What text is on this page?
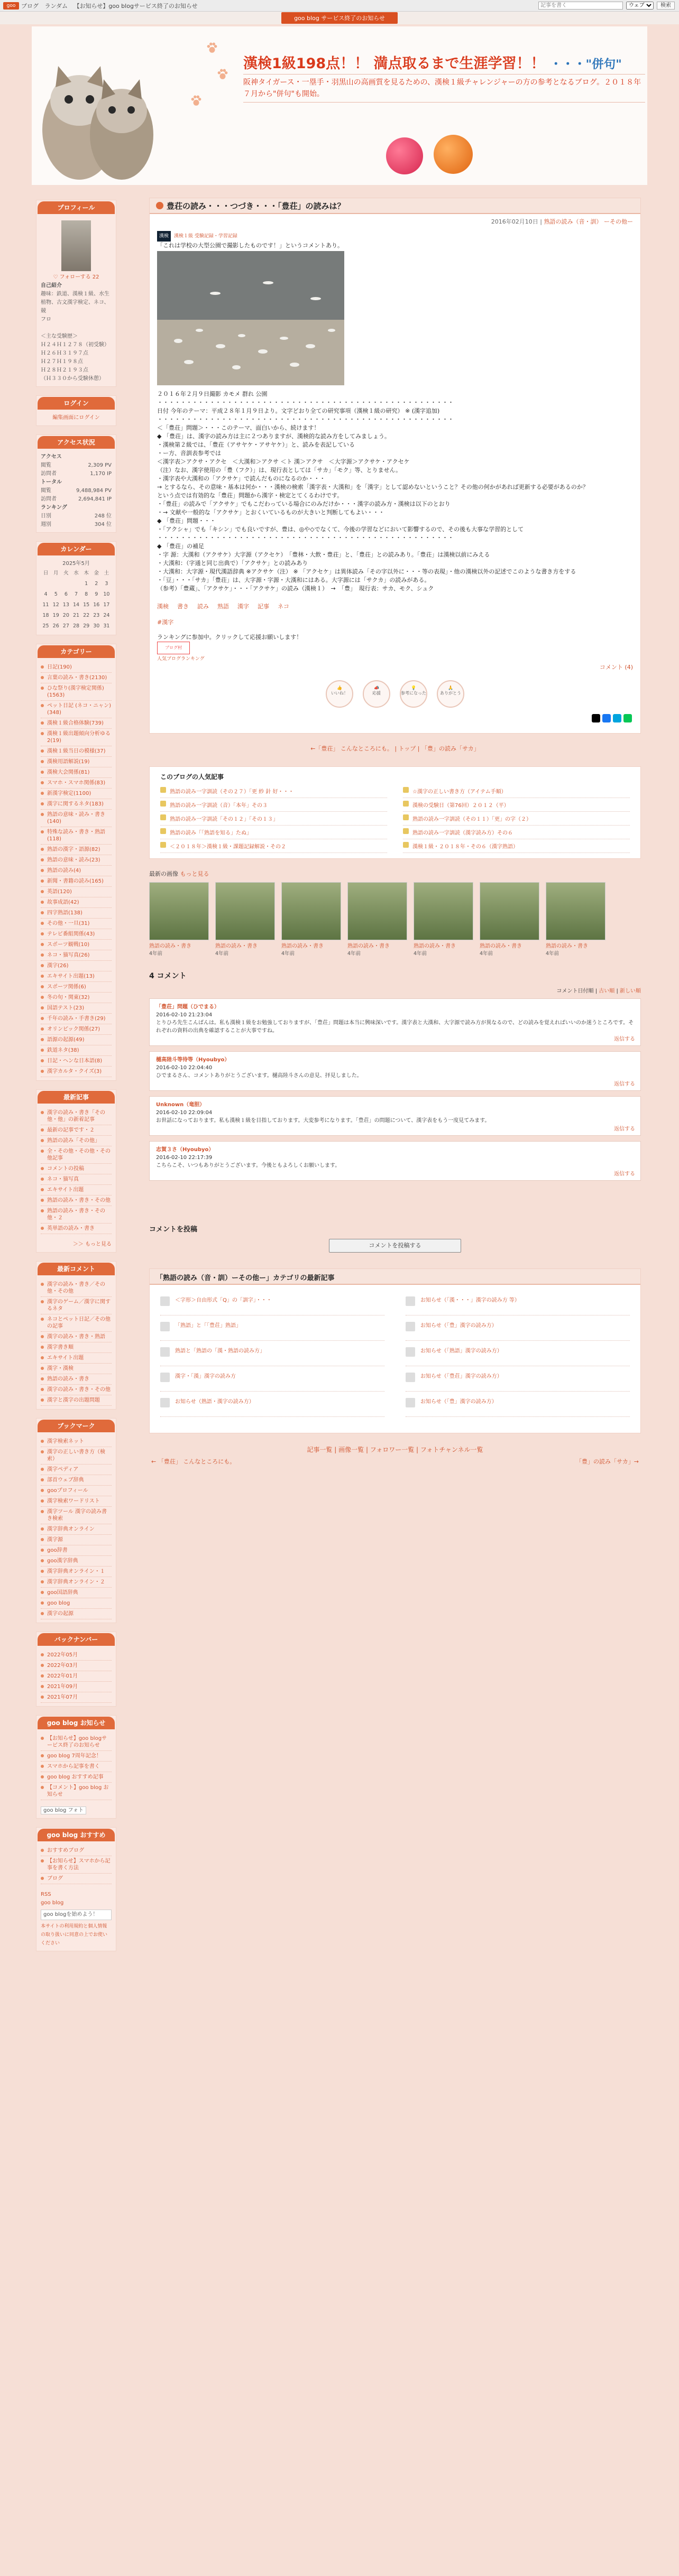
goo ブログ ランダム 【お知らせ】goo blogサービス終了のお知らせ
記事を書く
ウェブ	検索
goo blog サービス終了のお知らせ
漢検1級198点！！ 満点取るまで生涯学習！！ ・・・"併句"
阪神タイガース・一塁手・羽黒山の高画質を見るための、漢検１級チャレンジャーの方の参考となるブログ。２０１８年７月から"併句"も開始。
プロフィール
♡ フォローする 22
自己紹介
趣味：鉄道、漢検１級、水生
植物、古文漢字検定、ネコ、競
フロ

＜主な受験歴＞
Ｈ２４Ｈ１２７８（初受験）
Ｈ２６Ｈ３１９７点
Ｈ２７Ｈ１９８点
Ｈ２８Ｈ２１９３点
（Ｈ３３０から受験休憩）
ログイン
編集画面にログイン
アクセス状況
アクセス
閲覧	2,309 PV
訪問者	1,170 IP
トータル
閲覧	9,488,984 PV
訪問者	2,694,841 IP
ランキング
日別	248 位
週別	304 位
カレンダー
2025年5月
日	月	火	水	木	金	土
				1	2	3
4	5	6	7	8	9	10
11	12	13	14	15	16	17
18	19	20	21	22	23	24
25	26	27	28	29	30	31
カテゴリー
日記(190)
言葉の読み・書き(2130)
ひな祭り(漢字検定関係)(1563)
ペット日記 (ネコ・ニャン)(348)
漢検１級合格体験(739)
漢検１級出題傾向分析ゆる2(19)
漢検１級当日の模様(37)
漢検用語解説(19)
漢検大会関係(81)
スマホ・スマホ関係(83)
新漢字検定(1100)
漢字に関するネタ(183)
熟語の意味・読み・書き(140)
特殊な読み・書き・熟語(118)
熟語の漢字・語源(82)
熟語の意味・読み(23)
熟語の読み(4)
新聞・書籍の読み(165)
英語(120)
故事成語(42)
四字熟語(138)
その他・一旦(31)
テレビ番組関係(43)
スポーツ観戦(10)
ネコ・猫写真(26)
漢字(26)
エキサイト出題(13)
スポーツ関係(6)
冬の旬・関東(32)
国語テスト(23)
千年の読み・手書き(29)
オリンピック関係(27)
語源の起源(49)
鉄道ネタ(38)
日記・ヘンな日本語(8)
漢字カルタ・クイズ(3)
最新記事
漢字の読み・書き「その他・他」の新着記事
最新の記事です・２
熟語の読み「その他」
全・その他・その他・その他記事
コメントの投稿
ネコ・猫写真
エキサイト出題
熟語の読み・書き・その他
熟語の読み・書き・その他・２
英単語の読み・書き
＞＞ もっと見る
最新コメント
漢字の読み・書き／その他・その他
漢字のゲーム／漢字に関するネタ
ネコとペット日記／その他の記事
漢字の読み・書き・熟語
漢字書き順
エキサイト出題
漢字・漢検
熟語の読み・書き
漢字の読み・書き・その他
漢字と漢字の出題問題
ブックマーク
漢字検索ネット
漢字の正しい書き方（検索）
漢字ペディア
部首ウェブ辞典
gooプロフィール
漢字検索ワードリスト
漢字ツール 漢字の読み書き検索
漢字辞典オンライン
漢字源
goo辞書
goo漢字辞典
漢字辞典オンライン・１
漢字辞典オンライン・２
goo国語辞典
goo blog
漢字の起源
バックナンバー
2022年05月
2022年03月
2022年01月
2021年09月
2021年07月
goo blog お知らせ
【お知らせ】goo blogサービス終了のお知らせ
goo blog 7周年記念！
スマホから記事を書く
goo blog おすすめ記事
【コメント】goo blog お知らせ
goo blog フォト
goo blog おすすめ
おすすめブログ
【お知らせ】スマホから記事を書く方法
ブログ
RSS
goo blog
goo blogを始めよう！
本サイトの利用規約と個人情報の取り扱いに同意の上でお使いください
豊荘の読み・・・つづき・・・「豊荘」の読みは？
2016年02月10日 | 熟語の読み（音・訓） ーその他ー
漢検	漢検１級 受験記録・学習記録

「これは学校の大型公園で撮影したものです！」というコメントあり。

２０１６年２月９日撮影 カモメ 群れ 公園

・・・・・・・・・・・・・・・・・・・・・・・・・・・・・・・・・・・・・・・・・・・・・・・・・・・

日付 今年のテーマ：平成２８年１月９日より。文字どおり全ての研究事項（漢検１級の研究） ※ (漢字追加)

・・・・・・・・・・・・・・・・・・・・・・・・・・・・・・・・・・・・・・・・・・・・・・・・・・・

＜「豊荘」問題＞・・・このテーマ、面白いから、続けます！

◆ 「豊荘」は、漢字の読み方は主に２つありますが、漢検的な読み方をしてみましょう。

・漢検第２級では、「豊荘（アサヤケ・アサヤケ）」と、読みを表記している

・ー方、音訓表参考では

＜漢字表＞アクサ・アクセ　＜大漢和＞アクサ ＜ト 漢＞アクサ　＜大字源＞アクサケ・アクセケ

（注）なお、漢字使用の「豊（フク）」は、現行表としては「サカ」「モク」等、とりません。

・漢字表や大漢和の「アクサケ」で読んだものになるのか・・・

→ とするなら、その意味・基本は何か・・・漢検の検索「漢字表・大漢和」を「漢字」として認めないということ？その他の何かがあれば更新する必要があるのか？

という点では有効的な「豊荘」問題から漢字・検定とてくるわけです。

・「豊荘」の読みで「アクサケ」でもこだわっている場合にのみだけか・・・漢字の読み方・漢検は以下のとおり

・→ 文献や一般的な「アクサケ」とおくいているものが大きいと判断してもよい・・・

◆ 「豊荘」問題・・・

・「アクシャ」でも「キシン」でも良いですが、豊は、◎や◇でなくて、今後の学習などにおいて影響するので、その後も大事な学習的として

・・・・・・・・・・・・・・・・・・・・・・・・・・・・・・・・・・・・・・・・・・・・・・・・・・・

◆ 「豊荘」の補足

・字 源：大漢和（アクサケ）大字源（アクセケ）　「豊林・大飲・豊荘」と、「豊荘」との読みあり。「豊荘」は漢検以前にみえる

・大漢和：（字通と同じ出典で）「アクサケ」との読みあり

・大漢和：大字源・現代漢語辞典 ※アクサケ（注） ※ 「アクセケ」は異体読み「その字以外に・・・等の表現」・他の漢検以外の記述でこのような書き方をする

・「豆」・・・「サカ」「豊荘」は、大字源・字源・大漢和にはある。大字源には「サクカ」の読みがある。

（参考）「豊蔵」、「アクサケ」・・・「アクサケ」の読み（漢検１）　→　「豊」　現行表：サカ、モク、シュク

漢検 書き 読み 熟語 漢字 記事 ネコ
#漢字
ランキングに参加中。クリックして応援お願いします！
ブログ村
人気ブログランキング
コメント (4)
👍
いいね！
📣
応援
💡
参考になった
🙏
ありがとう
←「豊荘」 こんなところにも。 | トップ | 「豊」の読み「サカ」
このブログの人気記事
熟語の読み一字訓読（その２７）「更 紗 針 好・・・	☆漢字の正しい書き方（アイテム手順）
熟語の読み一字訓読（音）「本年」その３	漢検の受験日（第76回）２０１２（平）
熟語の読み一字訓読「その１２」「その１３」	熟語の読み一字訓読（その１１）「更」の字（２）
熟語の読み「「熟語を知る」たぬ」	熟語の読み一字訓読（漢字読み方）その６
＜２０１８年＞漢検１級・課題記録解説・その２	漢検１級・２０１８年・その６（漢字熟語）
最新の画像 もっと見る
熟語の読み・書き
4年前
熟語の読み・書き
4年前
熟語の読み・書き
4年前
熟語の読み・書き
4年前
熟語の読み・書き
4年前
熟語の読み・書き
4年前
熟語の読み・書き
4年前
4 コメント
コメント日付順 | 古い順 | 新しい順
「豊荘」問題（ひでまる）
2016-02-10 21:23:04
とりひろ先生こんばんは。私も漢検１級をお勉強しておりますが、「豊荘」問題は本当に興味深いです。漢字表と大漢和、大字源で読み方が異なるので、どの読みを覚えればいいのか迷うところです。それぞれの資料の出典を確認することが大事ですね。
返信する
樋高陸斗等待等（Hyoubyo）
2016-02-10 22:04:40
ひでまるさん、コメントありがとうございます。樋高陸斗さんの意見、拝見しました。
返信する
Unknown（竜胆）
2016-02-10 22:09:04
お世話になっております。私も漢検１級を目指しております。大変参考になります。「豊荘」の問題について、漢字表をもう一度見てみます。
返信する
志賀３さ（Hyoubyo）
2016-02-10 22:17:39
こちらこそ、いつもありがとうございます。今後ともよろしくお願いします。
返信する

コメントを投稿
コメントを投稿する
「熟語の読み（音・訓）ーその他ー」カテゴリの最新記事
＜字形＞自由形式「Q」の「訓字」・・・	お知らせ（「漢・・・」漢字の読み方 等）
「熟語」と「「豊荘」熟語」	お知らせ（「豊」漢字の読み方）
熟語と「熟語の「漢・熟語の読み方」	お知らせ（「熟語」漢字の読み方）
漢字・「漢」漢字の読み方	お知らせ（「豊荘」漢字の読み方）
お知らせ（熟語・漢字の読み方）	お知らせ（「豊」漢字の読み方）
記事一覧 | 画像一覧 | フォロワー一覧 | フォトチャンネル一覧
← 「豊荘」 こんなところにも。	「豊」の読み「サカ」→
